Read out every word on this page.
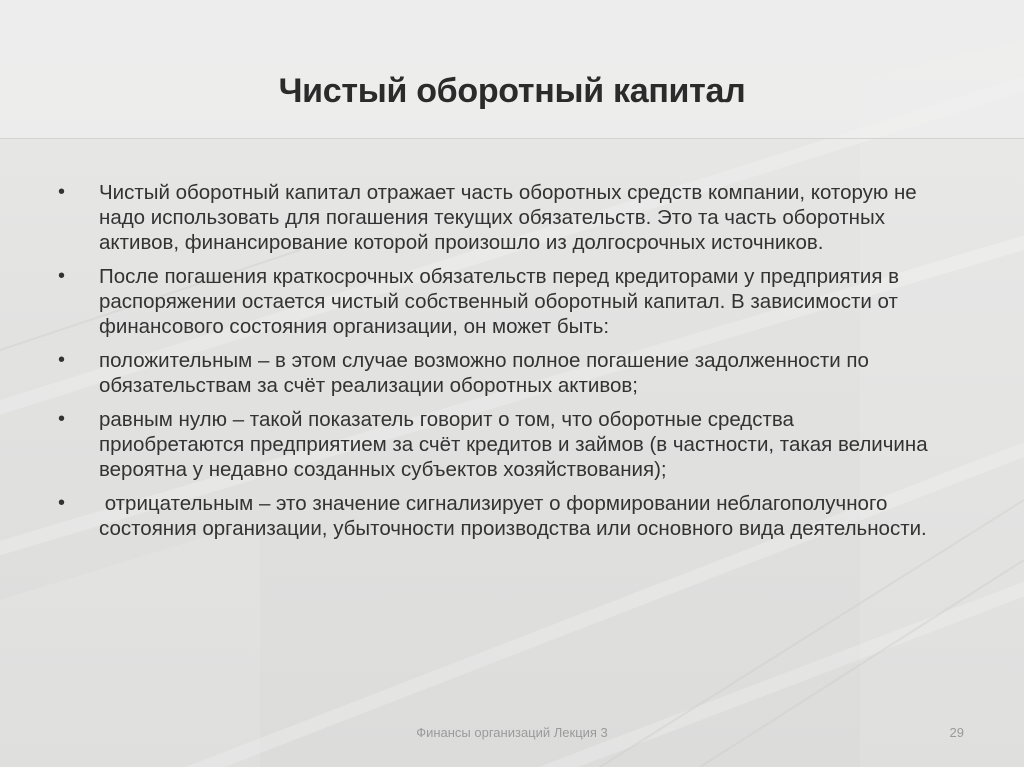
Чистый оборотный капитал
•	Чистый оборотный капитал отражает часть оборотных средств компании, которую не надо использовать для погашения текущих обязательств. Это та часть оборотных активов, финансирование которой произошло из долгосрочных источников.
•	После погашения краткосрочных обязательств перед кредиторами у предприятия в распоряжении остается чистый собственный оборотный капитал. В зависимости от финансового состояния организации, он может быть:
•	положительным – в этом случае возможно полное погашение задолженности по обязательствам за счёт реализации оборотных активов;
•	равным нулю – такой показатель говорит о том, что оборотные средства приобретаются предприятием за счёт кредитов и займов (в частности, такая величина вероятна у недавно созданных субъектов хозяйствования);
•	отрицательным – это значение сигнализирует о формировании неблагополучного состояния организации, убыточности производства или основного вида деятельности.
Финансы организаций Лекция 3	29
